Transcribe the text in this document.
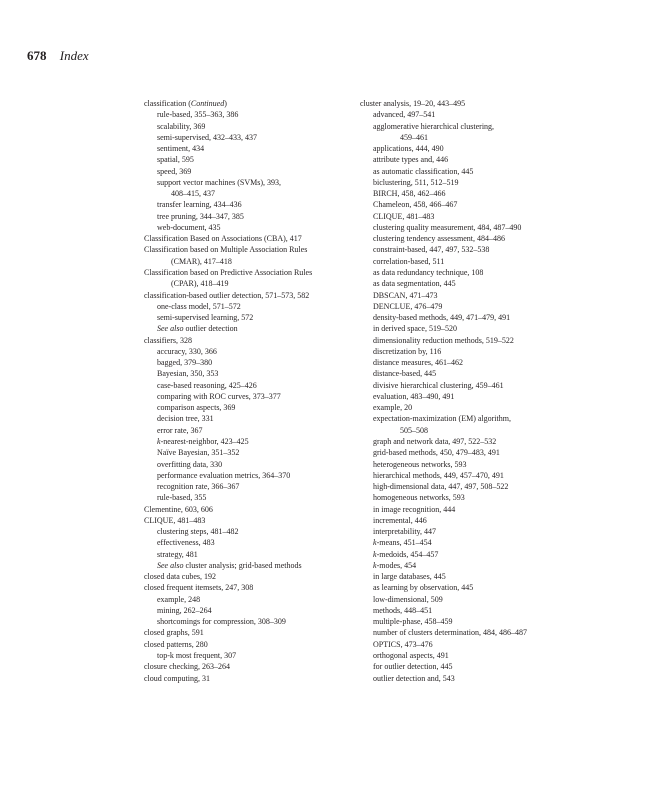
678 Index
classification (Continued)
rule-based, 355–363, 386
scalability, 369
semi-supervised, 432–433, 437
sentiment, 434
spatial, 595
speed, 369
support vector machines (SVMs), 393,
408–415, 437
transfer learning, 434–436
tree pruning, 344–347, 385
web-document, 435
Classification Based on Associations (CBA), 417
Classification based on Multiple Association Rules
(CMAR), 417–418
Classification based on Predictive Association Rules
(CPAR), 418–419
classification-based outlier detection, 571–573, 582
one-class model, 571–572
semi-supervised learning, 572
See also outlier detection
classifiers, 328
accuracy, 330, 366
bagged, 379–380
Bayesian, 350, 353
case-based reasoning, 425–426
comparing with ROC curves, 373–377
comparison aspects, 369
decision tree, 331
error rate, 367
k-nearest-neighbor, 423–425
Naïve Bayesian, 351–352
overfitting data, 330
performance evaluation metrics, 364–370
recognition rate, 366–367
rule-based, 355
Clementine, 603, 606
CLIQUE, 481–483
clustering steps, 481–482
effectiveness, 483
strategy, 481
See also cluster analysis; grid-based methods
closed data cubes, 192
closed frequent itemsets, 247, 308
example, 248
mining, 262–264
shortcomings for compression, 308–309
closed graphs, 591
closed patterns, 280
top-k most frequent, 307
closure checking, 263–264
cloud computing, 31
cluster analysis, 19–20, 443–495
advanced, 497–541
agglomerative hierarchical clustering,
459–461
applications, 444, 490
attribute types and, 446
as automatic classification, 445
biclustering, 511, 512–519
BIRCH, 458, 462–466
Chameleon, 458, 466–467
CLIQUE, 481–483
clustering quality measurement, 484, 487–490
clustering tendency assessment, 484–486
constraint-based, 447, 497, 532–538
correlation-based, 511
as data redundancy technique, 108
as data segmentation, 445
DBSCAN, 471–473
DENCLUE, 476–479
density-based methods, 449, 471–479, 491
in derived space, 519–520
dimensionality reduction methods, 519–522
discretization by, 116
distance measures, 461–462
distance-based, 445
divisive hierarchical clustering, 459–461
evaluation, 483–490, 491
example, 20
expectation-maximization (EM) algorithm,
505–508
graph and network data, 497, 522–532
grid-based methods, 450, 479–483, 491
heterogeneous networks, 593
hierarchical methods, 449, 457–470, 491
high-dimensional data, 447, 497, 508–522
homogeneous networks, 593
in image recognition, 444
incremental, 446
interpretability, 447
k-means, 451–454
k-medoids, 454–457
k-modes, 454
in large databases, 445
as learning by observation, 445
low-dimensional, 509
methods, 448–451
multiple-phase, 458–459
number of clusters determination, 484, 486–487
OPTICS, 473–476
orthogonal aspects, 491
for outlier detection, 445
outlier detection and, 543
